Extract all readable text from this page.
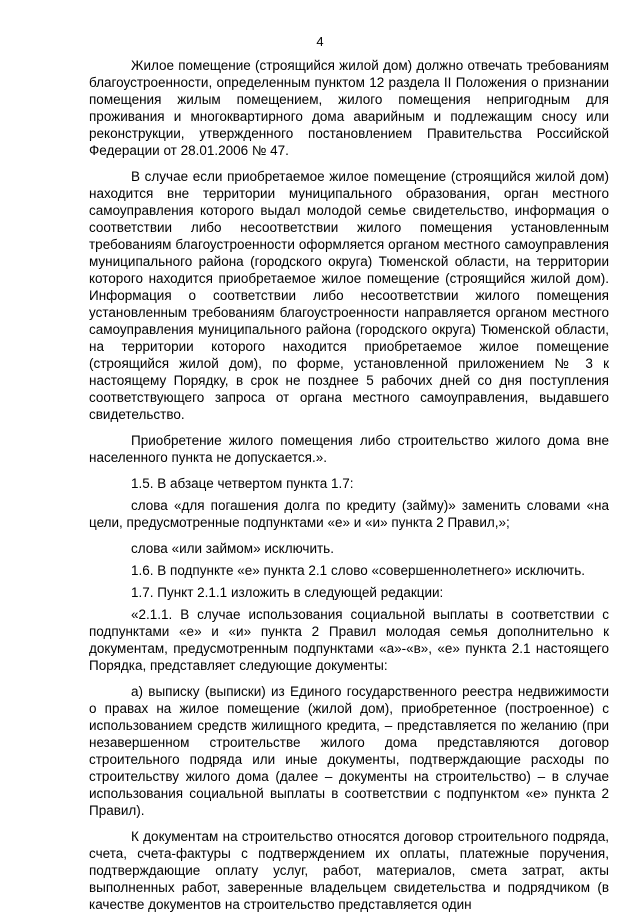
4

Жилое помещение (строящийся жилой дом) должно отвечать требованиям благоустроенности, определенным пунктом 12 раздела II Положения о признании помещения жилым помещением, жилого помещения непригодным для проживания и многоквартирного дома аварийным и подлежащим сносу или реконструкции, утвержденного постановлением Правительства Российской Федерации от 28.01.2006 № 47.

В случае если приобретаемое жилое помещение (строящийся жилой дом) находится вне территории муниципального образования, орган местного самоуправления которого выдал молодой семье свидетельство, информация о соответствии либо несоответствии жилого помещения установленным требованиям благоустроенности оформляется органом местного самоуправления муниципального района (городского округа) Тюменской области, на территории которого находится приобретаемое жилое помещение (строящийся жилой дом). Информация о соответствии либо несоответствии жилого помещения установленным требованиям благоустроенности направляется органом местного самоуправления муниципального района (городского округа) Тюменской области, на территории которого находится приобретаемое жилое помещение (строящийся жилой дом), по форме, установленной приложением № 3 к настоящему Порядку, в срок не позднее 5 рабочих дней со дня поступления соответствующего запроса от органа местного самоуправления, выдавшего свидетельство.

Приобретение жилого помещения либо строительство жилого дома вне населенного пункта не допускается.».

1.5. В абзаце четвертом пункта 1.7:

слова «для погашения долга по кредиту (займу)» заменить словами «на цели, предусмотренные подпунктами «е» и «и» пункта 2 Правил,»;

слова «или займом» исключить.

1.6. В подпункте «е» пункта 2.1 слово «совершеннолетнего» исключить.

1.7. Пункт 2.1.1 изложить в следующей редакции:

«2.1.1. В случае использования социальной выплаты в соответствии с подпунктами «е» и «и» пункта 2 Правил молодая семья дополнительно к документам, предусмотренным подпунктами «а»-«в», «е» пункта 2.1 настоящего Порядка, представляет следующие документы:

а) выписку (выписки) из Единого государственного реестра недвижимости о правах на жилое помещение (жилой дом), приобретенное (построенное) с использованием средств жилищного кредита, – представляется по желанию (при незавершенном строительстве жилого дома представляются договор строительного подряда или иные документы, подтверждающие расходы по строительству жилого дома (далее – документы на строительство) – в случае использования социальной выплаты в соответствии с подпунктом «е» пункта 2 Правил).

К документам на строительство относятся договор строительного подряда, счета, счета-фактуры с подтверждением их оплаты, платежные поручения, подтверждающие оплату услуг, работ, материалов, смета затрат, акты выполненных работ, заверенные владельцем свидетельства и подрядчиком (в качестве документов на строительство представляется один
